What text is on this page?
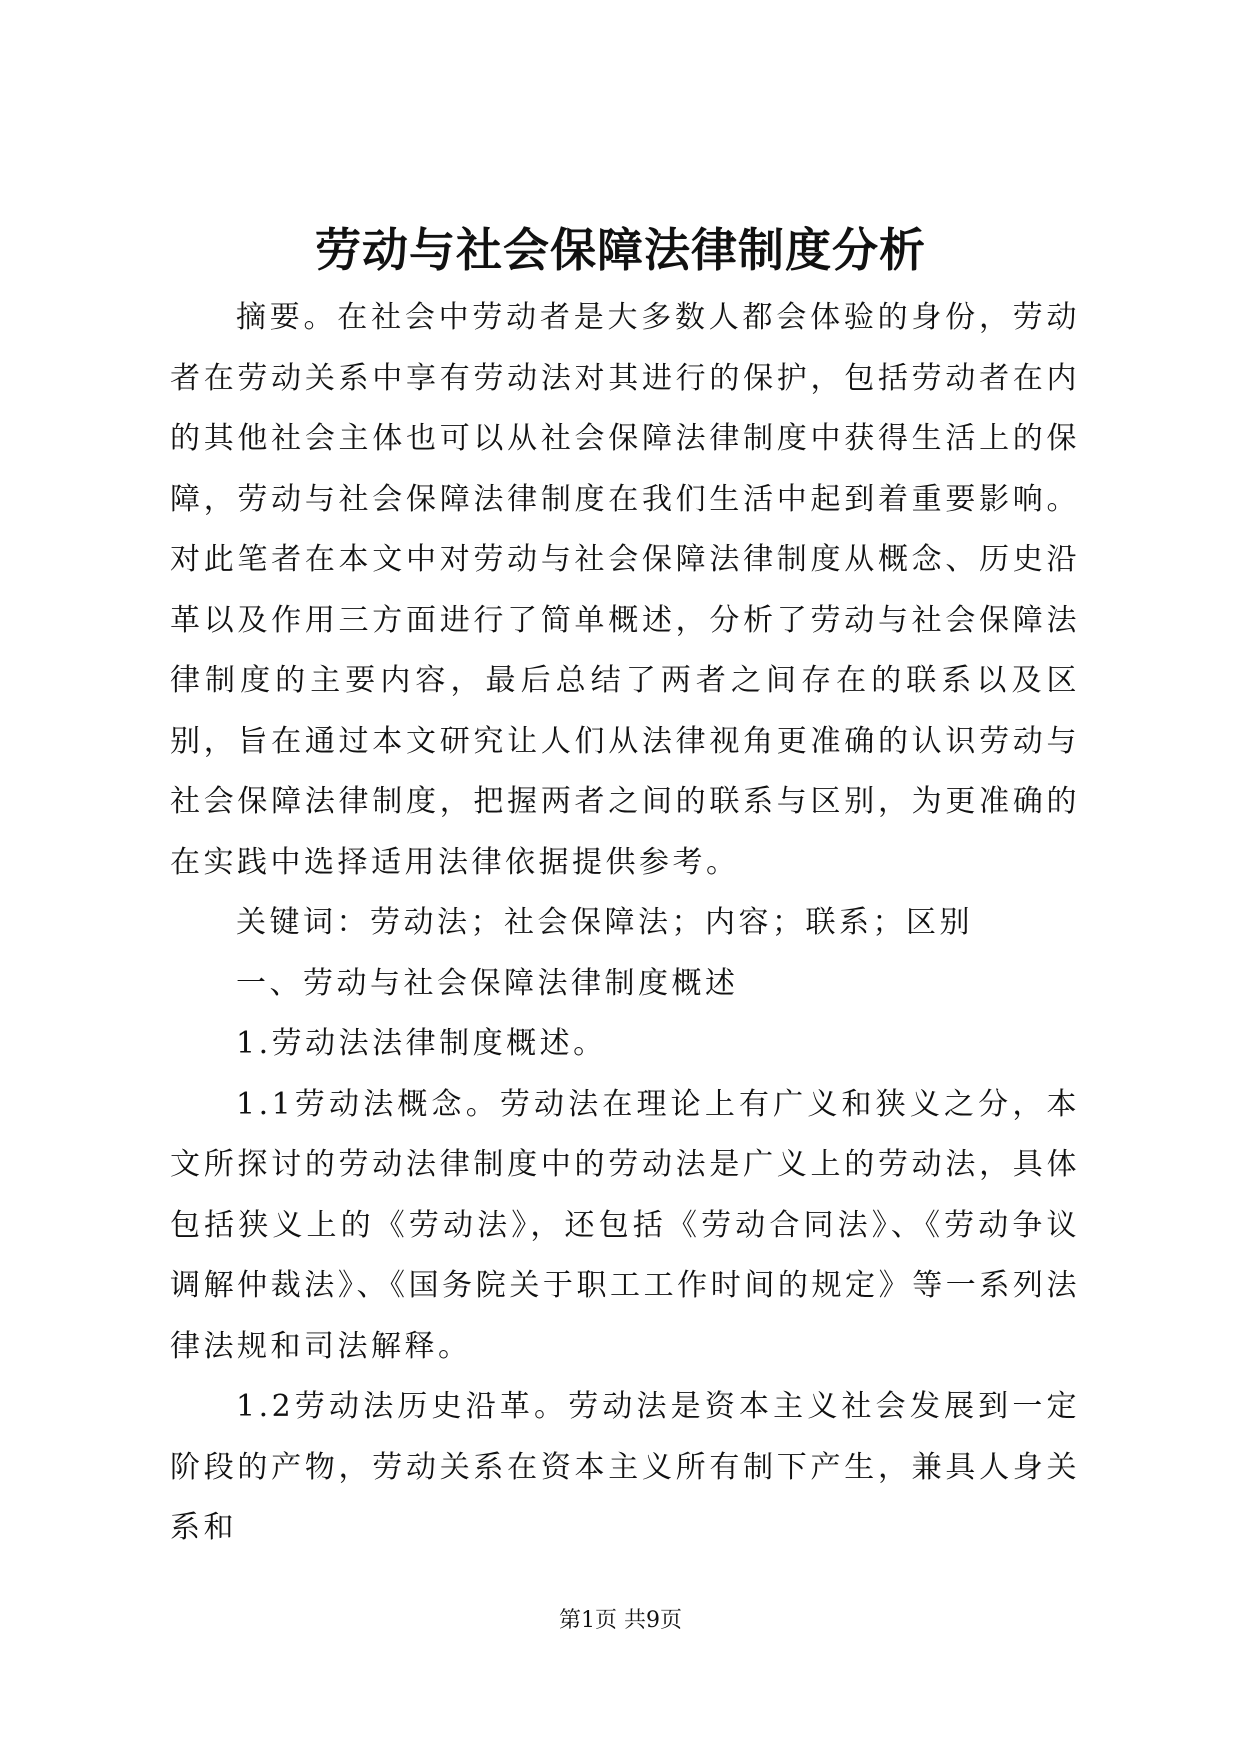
劳动与社会保障法律制度分析

摘要。在社会中劳动者是大多数人都会体验的身份，劳动者在劳动关系中享有劳动法对其进行的保护，包括劳动者在内的其他社会主体也可以从社会保障法律制度中获得生活上的保障，劳动与社会保障法律制度在我们生活中起到着重要影响。对此笔者在本文中对劳动与社会保障法律制度从概念、历史沿革以及作用三方面进行了简单概述，分析了劳动与社会保障法律制度的主要内容，最后总结了两者之间存在的联系以及区别，旨在通过本文研究让人们从法律视角更准确的认识劳动与社会保障法律制度，把握两者之间的联系与区别，为更准确的在实践中选择适用法律依据提供参考。

关键词：劳动法；社会保障法；内容；联系；区别

一、劳动与社会保障法律制度概述

1.劳动法法律制度概述。

1.1劳动法概念。劳动法在理论上有广义和狭义之分，本文所探讨的劳动法律制度中的劳动法是广义上的劳动法，具体包括狭义上的《劳动法》，还包括《劳动合同法》、《劳动争议调解仲裁法》、《国务院关于职工工作时间的规定》等一系列法律法规和司法解释。

1.2劳动法历史沿革。劳动法是资本主义社会发展到一定阶段的产物，劳动关系在资本主义所有制下产生，兼具人身关系和

第1页 共9页
